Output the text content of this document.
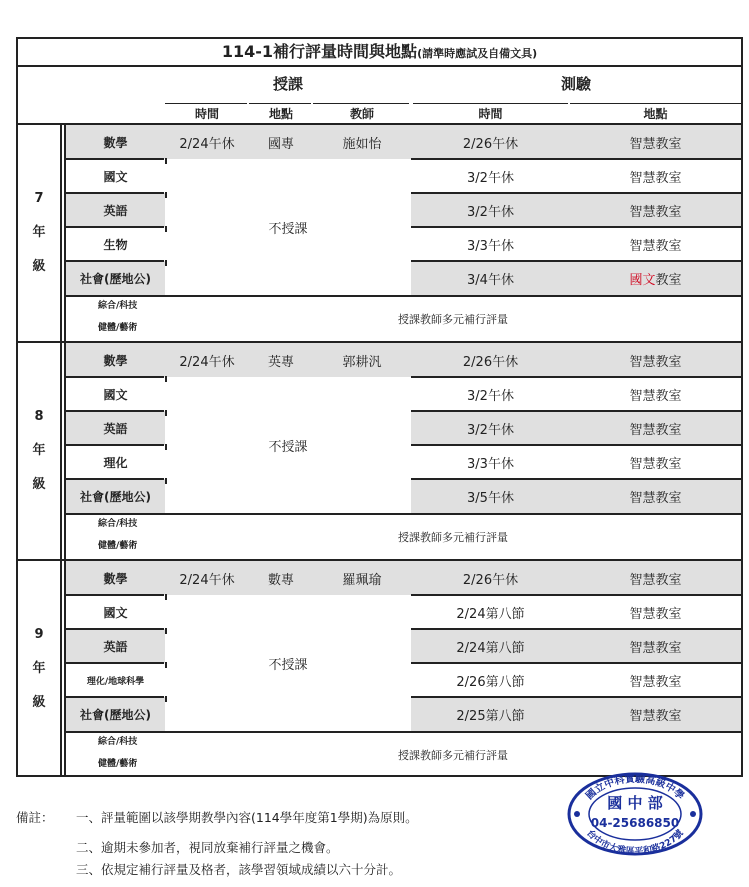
114-1補行評量時間與地點(請準時應試及自備文具)
授課	測驗
時間	地點	教師	時間	地點
7
年
級
數學	2/24午休	國專	施如怡	2/26午休	智慧教室
國文	3/2午休	智慧教室
英語	3/2午休	智慧教室
生物	3/3午休	智慧教室
社會(歷地公)	3/4午休	國文 教室
不授課
綜合/科技
健體/藝術
授課教師多元補行評量
8
年
級
數學	2/24午休	英專	郭耕汎	2/26午休	智慧教室
國文	3/2午休	智慧教室
英語	3/2午休	智慧教室
理化	3/3午休	智慧教室
社會(歷地公)	3/5午休	智慧教室
不授課
綜合/科技
健體/藝術
授課教師多元補行評量
9
年
級
數學	2/24午休	數專	羅珮瑜	2/26午休	智慧教室
國文	2/24第八節	智慧教室
英語	2/24第八節	智慧教室
理化/地球科學	2/26第八節	智慧教室
社會(歷地公)	2/25第八節	智慧教室
不授課
綜合/科技
健體/藝術
授課教師多元補行評量
備註：	一、評量範圍以該學期教學內容(114學年度第1學期)為原則。
二、逾期未參加者，視同放棄補行評量之機會。
三、依規定補行評量及格者，該學習領域成績以六十分計。
國立中科實驗高級中學
台中市大雅區平和路227號
國 中 部
04-25686850
